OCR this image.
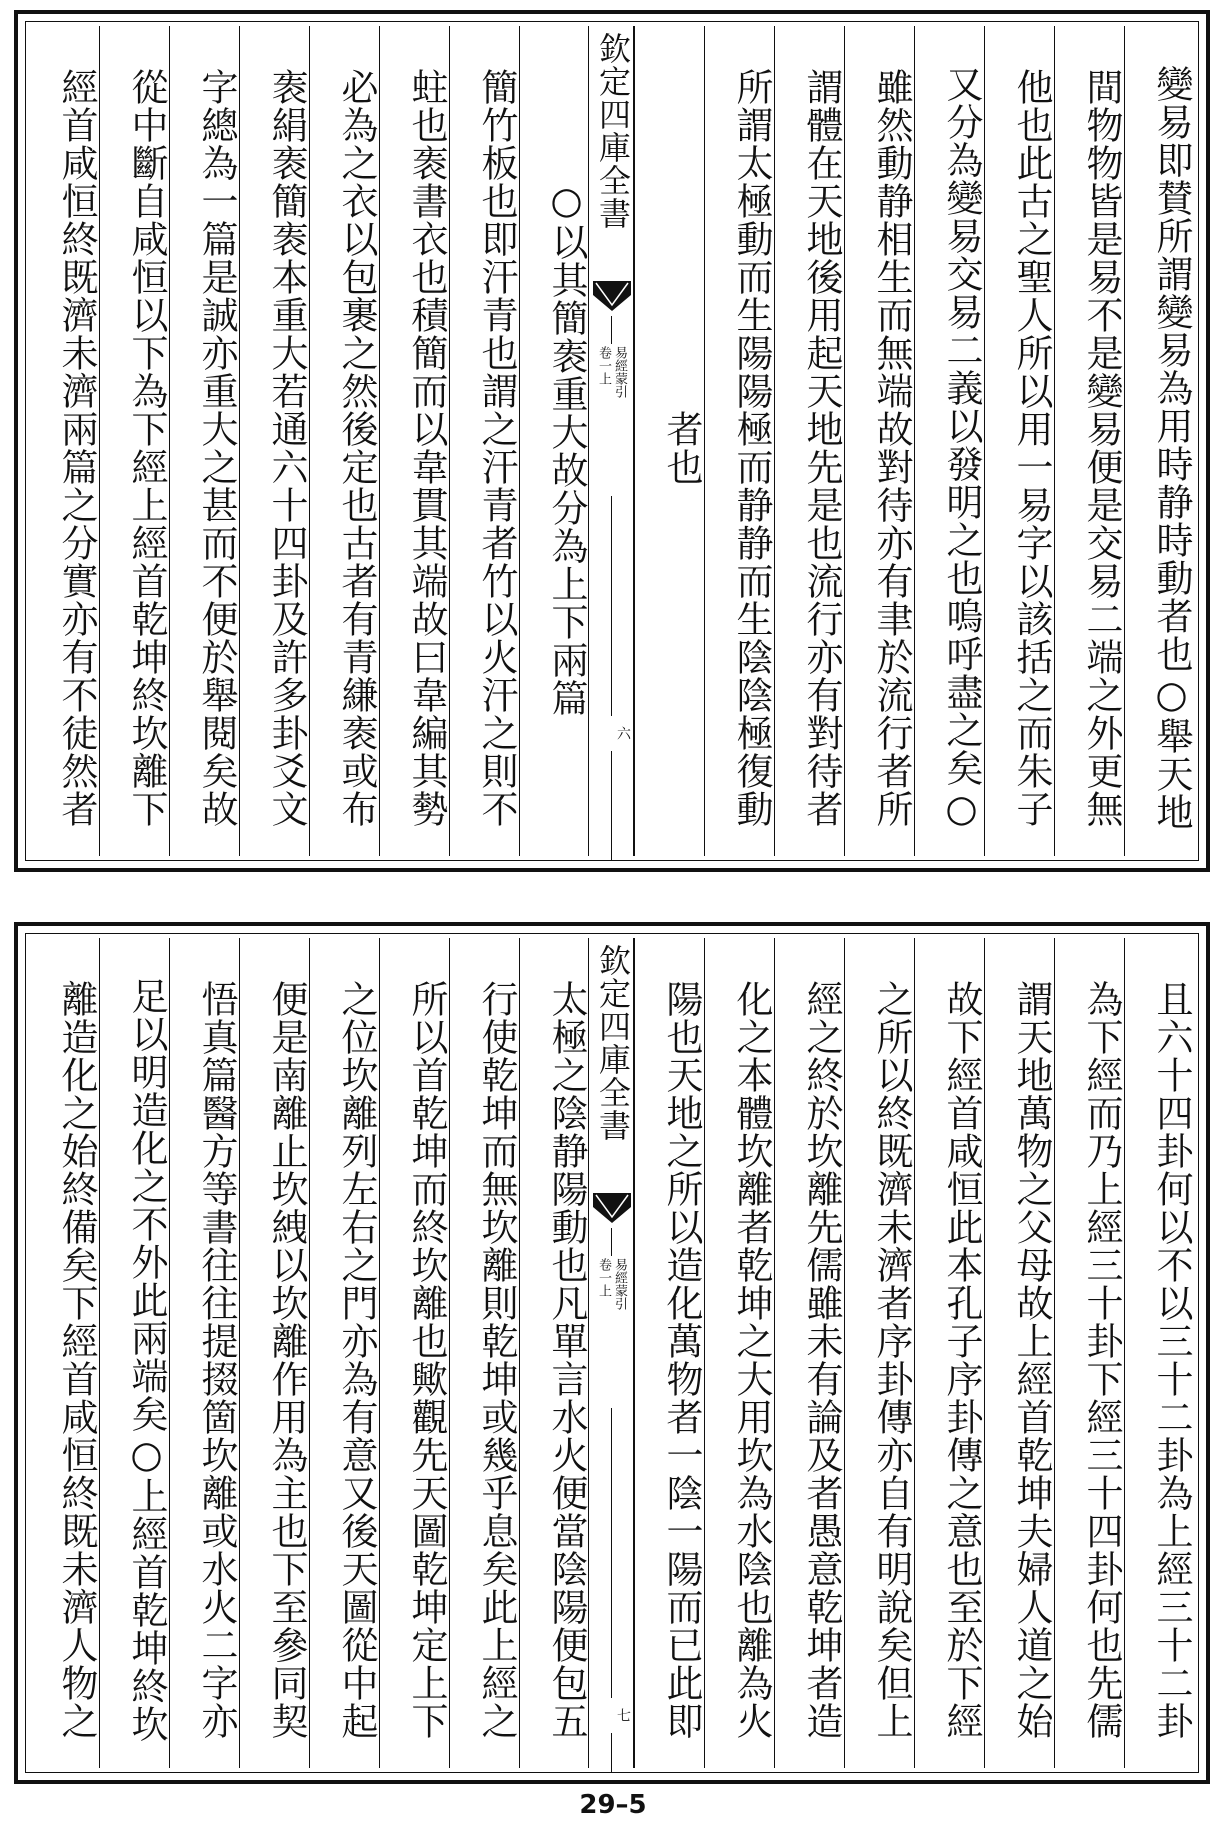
變易即賛所謂變易為用時静時動者也○舉天地
間物物皆是易不是變易便是交易二端之外更無
他也此古之聖人所以用一易字以該括之而朱子
又分為變易交易二義以發明之也嗚呼盡之矣○
雖然動静相生而無端故對待亦有聿於流行者所
謂體在天地後用起天地先是也流行亦有對待者
所謂太極動而生陽陽極而静静而生陰陰極復動
者也
欽定四庫全書
易經蒙引
卷一上
六
○以其簡袠重大故分為上下兩篇
簡竹板也即汗青也謂之汗青者竹以火汗之則不
蛀也袠書衣也積簡而以韋貫其端故曰韋編其勢
必為之衣以包裹之然後定也古者有青縑袠或布
袠絹袠簡袠本重大若通六十四卦及許多卦爻文
字總為一篇是誠亦重大之甚而不便於舉閱矣故
從中斷自咸恒以下為下經上經首乾坤終坎離下
經首咸恒終既濟未濟兩篇之分實亦有不徒然者
且六十四卦何以不以三十二卦為上經三十二卦
為下經而乃上經三十卦下經三十四卦何也先儒
謂天地萬物之父母故上經首乾坤夫婦人道之始
故下經首咸恒此本孔子序卦傳之意也至於下經
之所以終既濟未濟者序卦傳亦自有明說矣但上
經之終於坎離先儒雖未有論及者愚意乾坤者造
化之本體坎離者乾坤之大用坎為水陰也離為火
陽也天地之所以造化萬物者一陰一陽而已此即
欽定四庫全書
易經蒙引
卷一上
七
太極之陰静陽動也凡單言水火便當陰陽便包五
行使乾坤而無坎離則乾坤或幾乎息矣此上經之
所以首乾坤而終坎離也歟觀先天圖乾坤定上下
之位坎離列左右之門亦為有意又後天圖從中起
便是南離止坎絏以坎離作用為主也下至參同契
悟真篇醫方等書往往提掇箇坎離或水火二字亦
足以明造化之不外此兩端矣○上經首乾坤終坎
離造化之始終備矣下經首咸恒終既未濟人物之
29–5
